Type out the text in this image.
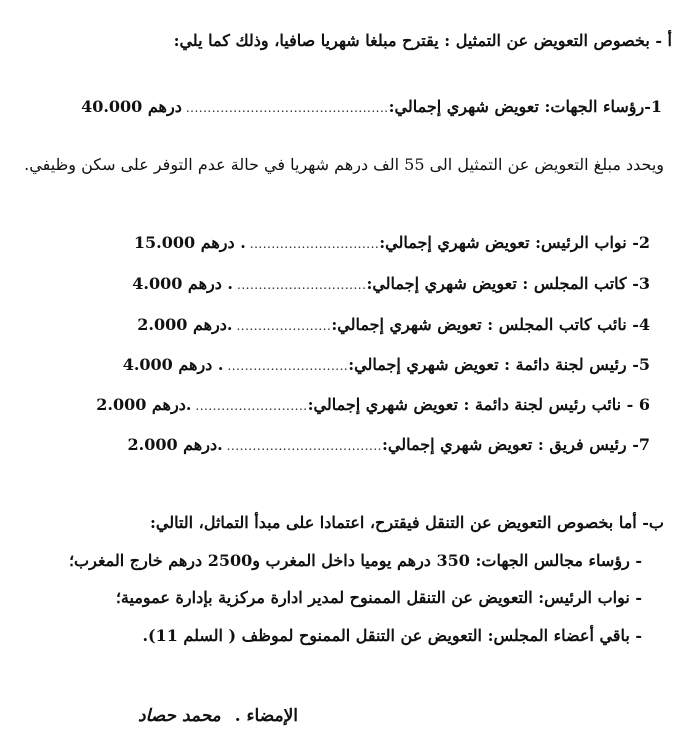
أ - بخصوص التعويض عن التمثيل : يقترح مبلغا شهريا صافيا، وذلك كما يلي:
1-رؤساء الجهات: تعويض شهري إجمالي:
...............................................
40.000 درهم
ويحدد مبلغ التعويض عن التمثيل الى 55 الف درهم شهريا في حالة عدم التوفر على سكن وظيفي.
2- نواب الرئيس: تعويض شهري إجمالي:
..............................
15.000 درهم .
3- كاتب المجلس : تعويض شهري إجمالي:
..............................
4.000 درهم .
4- نائب كاتب المجلس : تعويض شهري إجمالي:
......................
2.000 درهم.
5- رئيس لجنة دائمة : تعويض شهري إجمالي:
............................
4.000 درهم .
6 - نائب رئيس لجنة دائمة : تعويض شهري إجمالي:
..........................
2.000 درهم.
7- رئيس فريق : تعويض شهري إجمالي:
....................................
2.000 درهم.
ب- أما بخصوص التعويض عن التنقل فيقترح، اعتمادا على مبدأ التماثل، التالي:
- رؤساء مجالس الجهات: 350 درهم يوميا داخل المغرب و2500 درهم خارج المغرب؛
- نواب الرئيس: التعويض عن التنقل الممنوح لمدير ادارة مركزية بإدارة عمومية؛
- باقي أعضاء المجلس: التعويض عن التنقل الممنوح لموظف ( السلم 11).
الإمضاء . محمد حصاد
